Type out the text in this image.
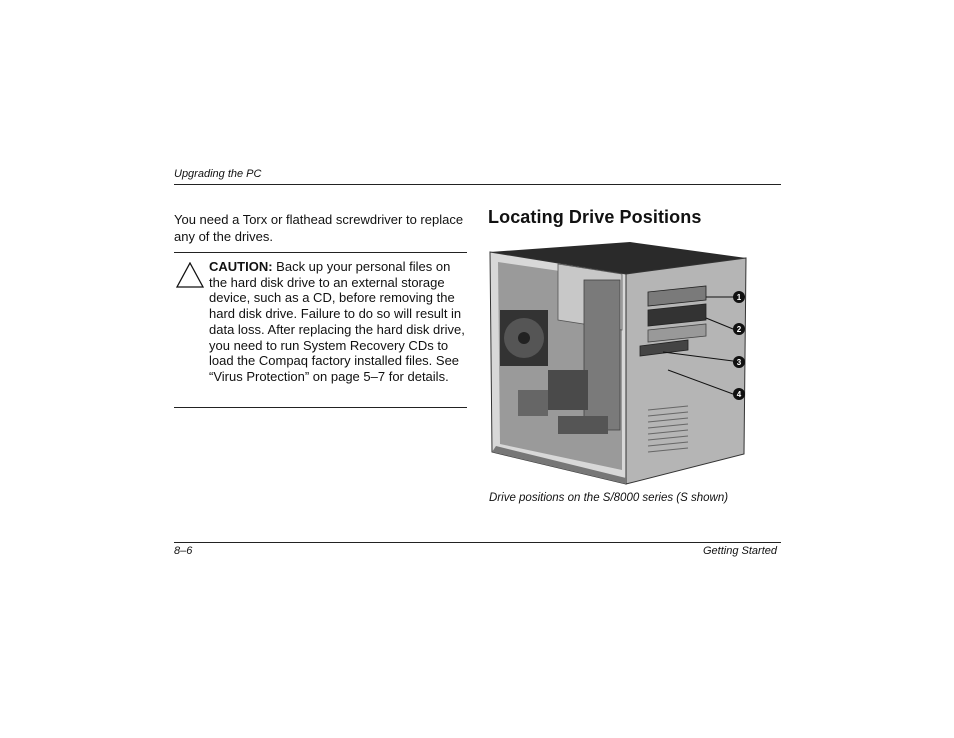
Upgrading the PC
You need a Torx or flathead screwdriver to replace any of the drives.
CAUTION: Back up your personal files on the hard disk drive to an external storage device, such as a CD, before removing the hard disk drive. Failure to do so will result in data loss. After replacing the hard disk drive, you need to run System Recovery CDs to load the Compaq factory installed files. See “Virus Protection” on page 5–7 for details.
Locating Drive Positions
1
2
3
4
Drive positions on the S/8000 series (S shown)
8–6	Getting Started
